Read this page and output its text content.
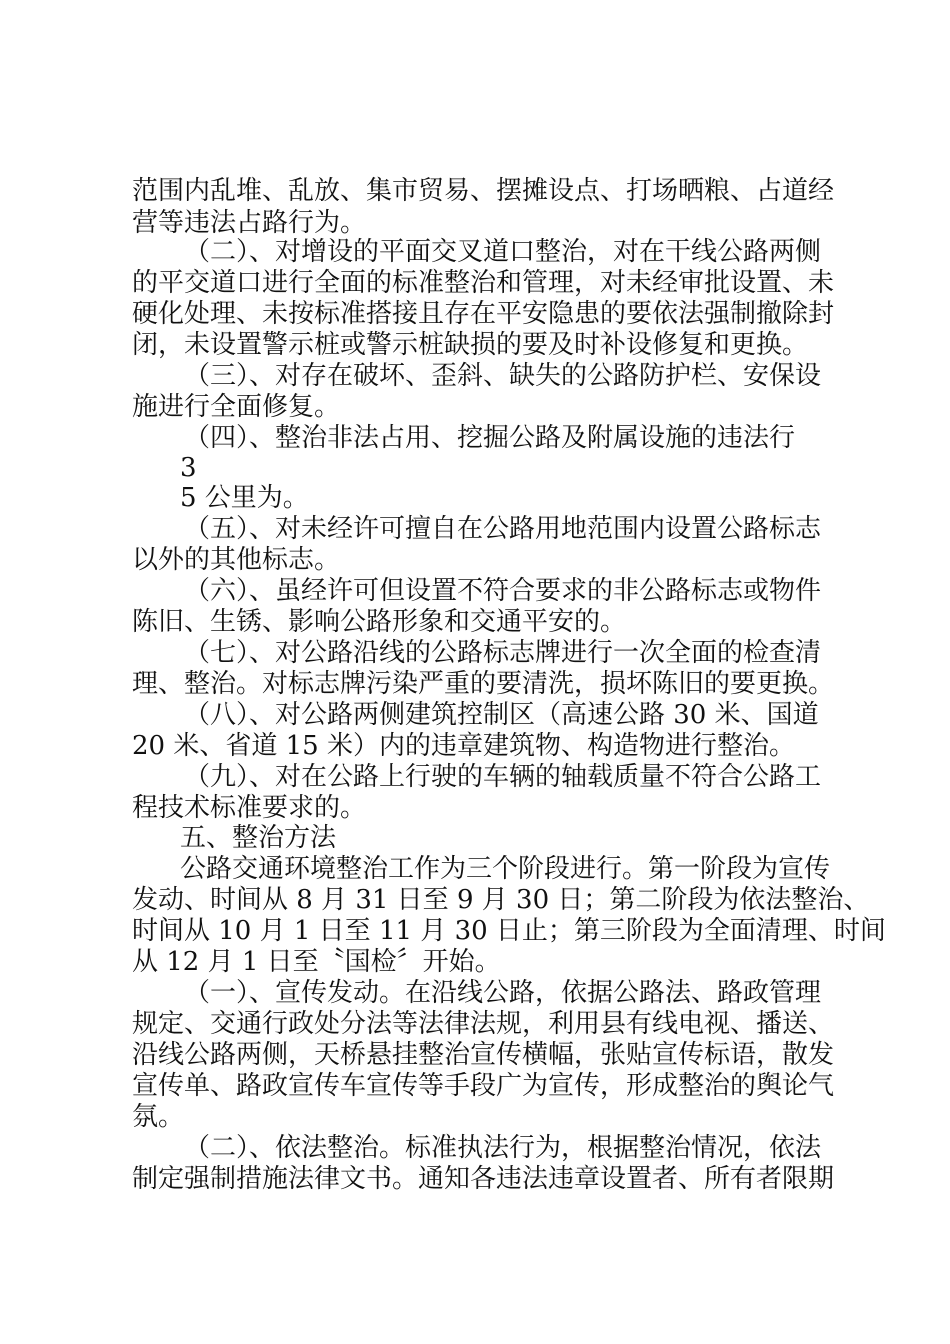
范围内乱堆、乱放、集市贸易、摆摊设点、打场晒粮、占道经
营等违法占路行为。
（二）、对增设的平面交叉道口整治，对在干线公路两侧
的平交道口进行全面的标准整治和管理，对未经审批设置、未
硬化处理、未按标准搭接且存在平安隐患的要依法强制撤除封
闭，未设置警示桩或警示桩缺损的要及时补设修复和更换。
（三）、对存在破坏、歪斜、缺失的公路防护栏、安保设
施进行全面修复。
（四）、整治非法占用、挖掘公路及附属设施的违法行
3
5 公里为。
（五）、对未经许可擅自在公路用地范围内设置公路标志
以外的其他标志。
（六）、虽经许可但设置不符合要求的非公路标志或物件
陈旧、生锈、影响公路形象和交通平安的。
（七）、对公路沿线的公路标志牌进行一次全面的检查清
理、整治。对标志牌污染严重的要清洗，损坏陈旧的要更换。
（八）、对公路两侧建筑控制区（高速公路 30 米、国道
20 米、省道 15 米）内的违章建筑物、构造物进行整治。
（九）、对在公路上行驶的车辆的轴载质量不符合公路工
程技术标准要求的。
五、整治方法
公路交通环境整治工作为三个阶段进行。第一阶段为宣传
发动、时间从 8 月 31 日至 9 月 30 日；第二阶段为依法整治、
时间从 10 月 1 日至 11 月 30 日止；第三阶段为全面清理、时间
从 12 月 1 日至〝国检〞开始。
（一）、宣传发动。在沿线公路，依据公路法、路政管理
规定、交通行政处分法等法律法规，利用县有线电视、播送、
沿线公路两侧，天桥悬挂整治宣传横幅，张贴宣传标语，散发
宣传单、路政宣传车宣传等手段广为宣传，形成整治的舆论气
氛。
（二）、依法整治。标准执法行为，根据整治情况，依法
制定强制措施法律文书。通知各违法违章设置者、所有者限期
